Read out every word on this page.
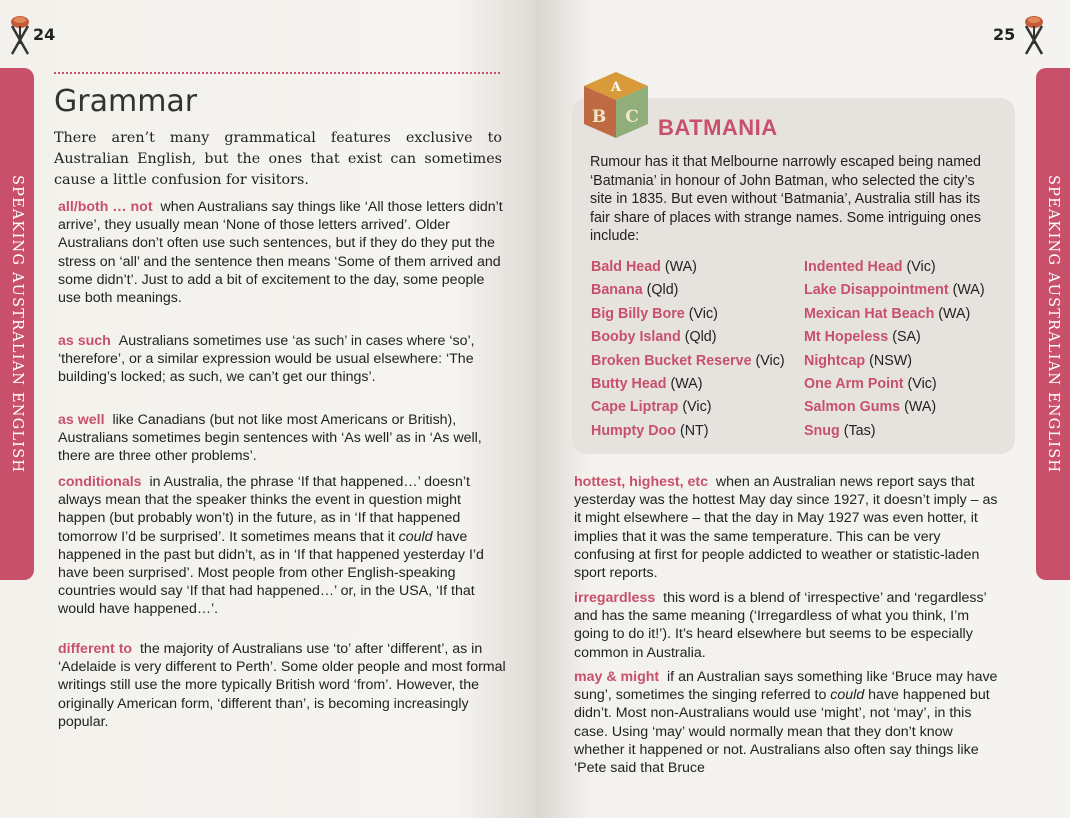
24
SPEAKING AUSTRALIAN ENGLISH
Grammar
There aren’t many grammatical features exclusive to Australian English, but the ones that exist can sometimes cause a little confusion for visitors.
all/both … not when Australians say things like ‘All those letters didn’t arrive’, they usually mean ‘None of those letters arrived’. Older Australians don’t often use such sentences, but if they do they put the stress on ‘all’ and the sentence then means ‘Some of them arrived and some didn’t’. Just to add a bit of excitement to the day, some people use both meanings.
as such Australians sometimes use ‘as such’ in cases where ‘so’, ‘therefore’, or a similar expression would be usual elsewhere: ‘The building’s locked; as such, we can’t get our things’.
as well like Canadians (but not like most Americans or British), Australians sometimes begin sentences with ‘As well’ as in ‘As well, there are three other problems’.
conditionals in Australia, the phrase ‘If that happened…’ doesn’t always mean that the speaker thinks the event in question might happen (but probably won’t) in the future, as in ‘If that happened tomorrow I’d be surprised’. It sometimes means that it could have happened in the past but didn’t, as in ‘If that happened yesterday I’d have been surprised’. Most people from other English-speaking countries would say ‘If that had happened…’ or, in the USA, ‘If that would have happened…’.
different to the majority of Australians use ‘to’ after ‘different’, as in ‘Adelaide is very different to Perth’. Some older people and most formal writings still use the more typically British word ‘from’. However, the originally American form, ‘different than’, is becoming increasingly popular.
25
SPEAKING AUSTRALIAN ENGLISH
A
B C BATMANIA
Rumour has it that Melbourne narrowly escaped being named ‘Batmania’ in honour of John Batman, who selected the city’s site in 1835. But even without ‘Batmania’, Australia still has its fair share of places with strange names. Some intriguing ones include:
Bald Head (WA)
Banana (Qld)
Big Billy Bore (Vic)
Booby Island (Qld)
Broken Bucket Reserve (Vic)
Butty Head (WA)
Cape Liptrap (Vic)
Humpty Doo (NT)
Indented Head (Vic)
Lake Disappointment (WA)
Mexican Hat Beach (WA)
Mt Hopeless (SA)
Nightcap (NSW)
One Arm Point (Vic)
Salmon Gums (WA)
Snug (Tas)
hottest, highest, etc when an Australian news report says that yesterday was the hottest May day since 1927, it doesn’t imply – as it might elsewhere – that the day in May 1927 was even hotter, it implies that it was the same temperature. This can be very confusing at first for people addicted to weather or statistic-laden sport reports.
irregardless this word is a blend of ‘irrespective’ and ‘regardless’ and has the same meaning (‘Irregardless of what you think, I’m going to do it!’). It’s heard elsewhere but seems to be especially common in Australia.
may & might if an Australian says something like ‘Bruce may have sung’, sometimes the singing referred to could have happened but didn’t. Most non-Australians would use ‘might’, not ‘may’, in this case. Using ‘may’ would normally mean that they don’t know whether it happened or not. Australians also often say things like ‘Pete said that Bruce
